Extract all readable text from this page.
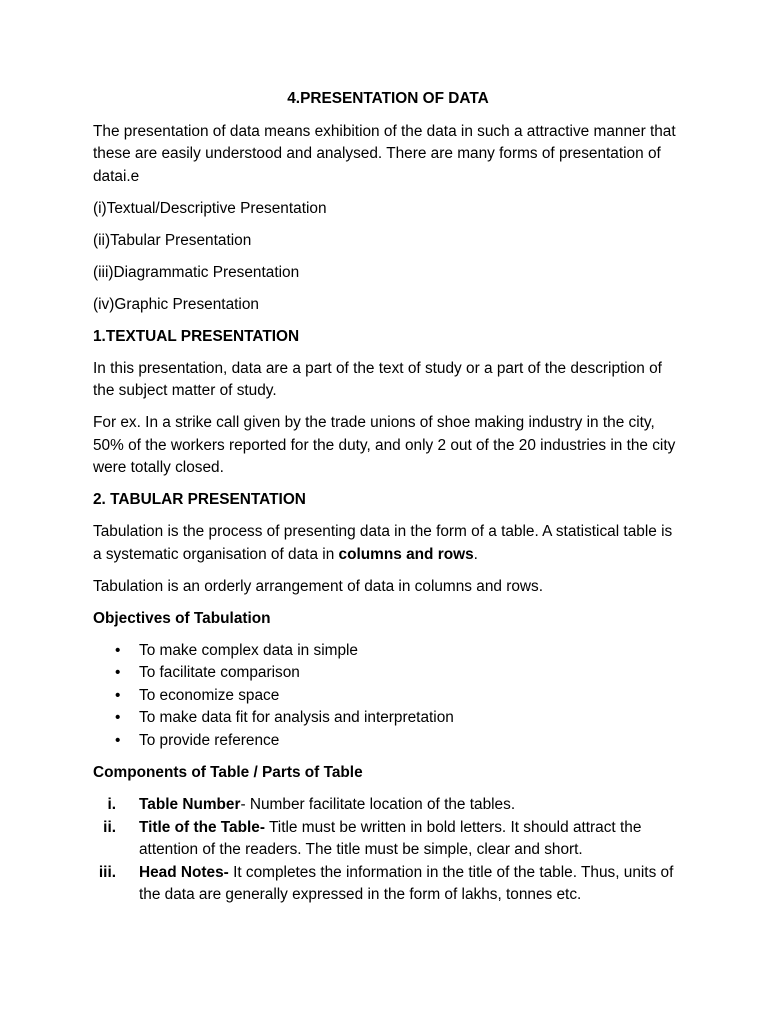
4.PRESENTATION OF DATA

The presentation of data means exhibition of the data in such a attractive manner that these are easily understood and analysed. There are many forms of presentation of datai.e

(i)Textual/Descriptive Presentation

(ii)Tabular Presentation

(iii)Diagrammatic Presentation

(iv)Graphic Presentation

1.TEXTUAL PRESENTATION

In this presentation, data are a part of the text of study or a part of the description of the subject matter of study.

For ex. In a strike call given by the trade unions of shoe making industry in the city, 50% of the workers reported for the duty, and only 2 out of the 20 industries in the city were totally closed.

2. TABULAR PRESENTATION

Tabulation is the process of presenting data in the form of a table. A statistical table is a systematic organisation of data in columns and rows.

Tabulation is an orderly arrangement of data in columns and rows.

Objectives of Tabulation

• To make complex data in simple
• To facilitate comparison
• To economize space
• To make data fit for analysis and interpretation
• To provide reference

Components of Table / Parts of Table

i. Table Number- Number facilitate location of the tables.
ii. Title of the Table- Title must be written in bold letters. It should attract the attention of the readers. The title must be simple, clear and short.
iii. Head Notes- It completes the information in the title of the table. Thus, units of the data are generally expressed in the form of lakhs, tonnes etc.
